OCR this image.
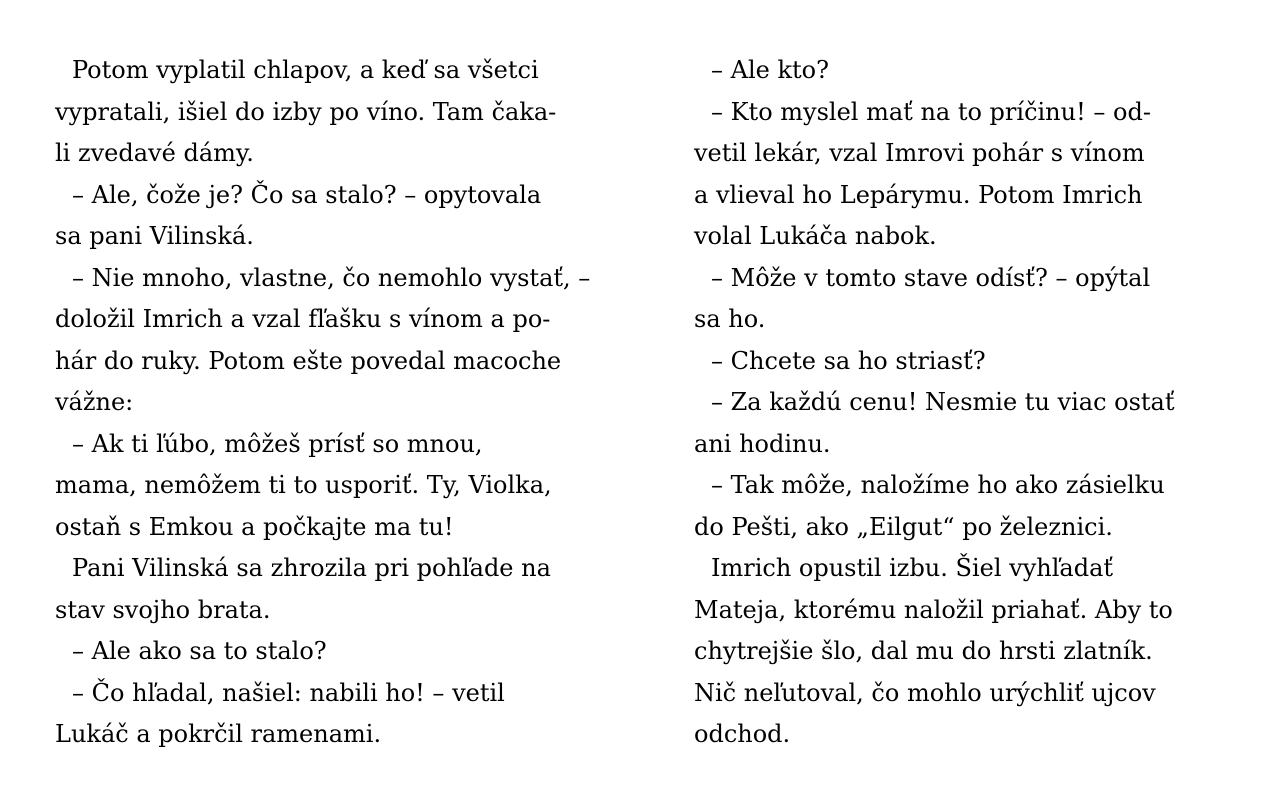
Potom vyplatil chlapov, a keď sa všetci
vypratali, išiel do izby po víno. Tam čaka-
li zvedavé dámy.
– Ale, čože je? Čo sa stalo? – opytovala
sa pani Vilinská.
– Nie mnoho, vlastne, čo nemohlo vystať, –
doložil Imrich a vzal fľašku s vínom a po-
hár do ruky. Potom ešte povedal macoche
vážne:
– Ak ti ľúbo, môžeš prísť so mnou,
mama, nemôžem ti to usporiť. Ty, Violka,
ostaň s Emkou a počkajte ma tu!
Pani Vilinská sa zhrozila pri pohľade na
stav svojho brata.
– Ale ako sa to stalo?
– Čo hľadal, našiel: nabili ho! – vetil
Lukáč a pokrčil ramenami.
– Ale kto?
– Kto myslel mať na to príčinu! – od-
vetil lekár, vzal Imrovi pohár s vínom
a vlieval ho Lepárymu. Potom Imrich
volal Lukáča nabok.
– Môže v tomto stave odísť? – opýtal
sa ho.
– Chcete sa ho striasť?
– Za každú cenu! Nesmie tu viac ostať
ani hodinu.
– Tak môže, naložíme ho ako zásielku
do Pešti, ako „Eilgut“ po železnici.
Imrich opustil izbu. Šiel vyhľadať
Mateja, ktorému naložil priahať. Aby to
chytrejšie šlo, dal mu do hrsti zlatník.
Nič neľutoval, čo mohlo urýchliť ujcov
odchod.
